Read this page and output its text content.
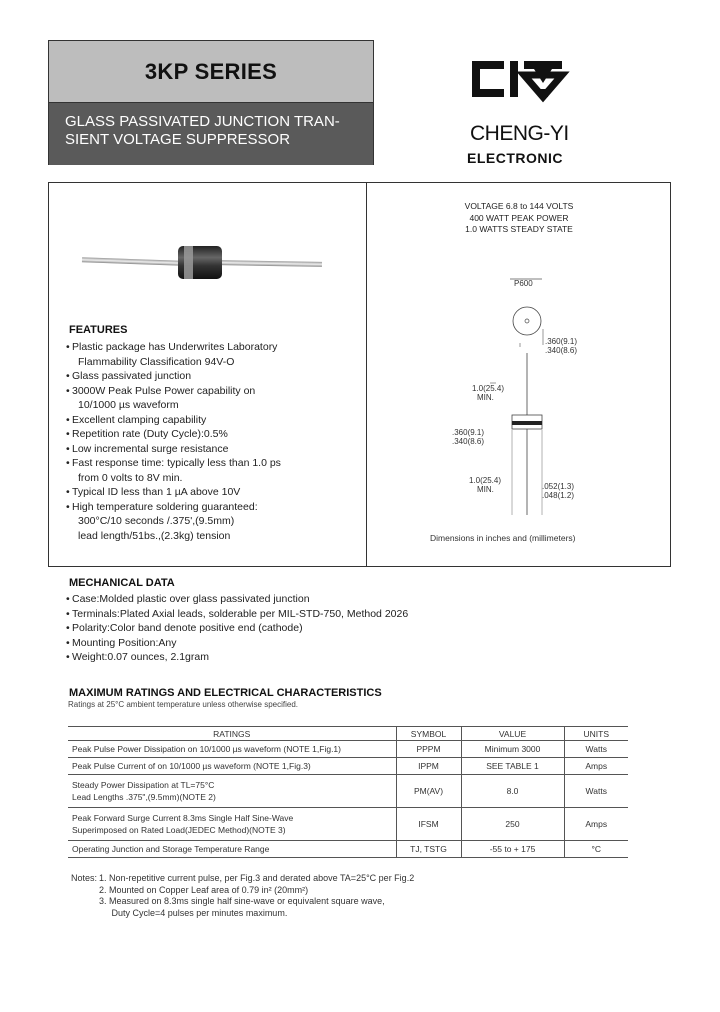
3KP SERIES
GLASS PASSIVATED JUNCTION TRAN-
SIENT VOLTAGE SUPPRESSOR	CHENG-YI
ELECTRONIC
VOLTAGE 6.8 to 144 VOLTS
400 WATT PEAK POWER
1.0 WATTS STEADY STATE
P600
.360(9.1)
.340(8.6)
1.0(25.4)
MIN.
.360(9.1)
.340(8.6)
1.0(25.4)
MIN.	.052(1.3)
.048(1.2)
Dimensions in inches and (millimeters)
FEATURES
• Plastic package has Underwrites Laboratory
Flammability Classification 94V-O
• Glass passivated junction
• 3000W Peak Pulse Power capability on
10/1000 µs waveform
• Excellent clamping capability
• Repetition rate (Duty Cycle):0.5%
• Low incremental surge resistance
• Fast response time: typically less than 1.0 ps
from 0 volts to 8V min.
• Typical ID less than 1 µA above 10V
• High temperature soldering guaranteed:
300°C/10 seconds /.375',(9.5mm)
lead length/51bs.,(2.3kg) tension
MECHANICAL DATA
• Case:Molded plastic over glass passivated junction
• Terminals:Plated Axial leads, solderable per MIL-STD-750, Method 2026
• Polarity:Color band denote positive end (cathode)
• Mounting Position:Any
• Weight:0.07 ounces, 2.1gram
MAXIMUM RATINGS AND ELECTRICAL CHARACTERISTICS
Ratings at 25°C ambient temperature unless otherwise specified.
RATINGS	SYMBOL	VALUE	UNITS
Peak Pulse Power Dissipation on 10/1000 µs waveform (NOTE 1,Fig.1)	PPPM	Minimum 3000	Watts
Peak Pulse Current of on 10/1000 µs waveform (NOTE 1,Fig.3)	IPPM	SEE TABLE 1	Amps

Steady Power Dissipation at TL=75°C
Lead Lengths .375",(9.5mm)(NOTE 2)	PM(AV)	8.0	Watts

Peak Forward Surge Current 8.3ms Single Half Sine-Wave
Superimposed on Rated Load(JEDEC Method)(NOTE 3)	IFSM	250	Amps
Operating Junction and Storage Temperature Range	TJ, TSTG	-55 to + 175	°C
Notes: 1. Non-repetitive current pulse, per Fig.3 and derated above TA=25°C per Fig.2
2. Mounted on Copper Leaf area of 0.79 in² (20mm²)
3. Measured on 8.3ms single half sine-wave or equivalent square wave,
Duty Cycle=4 pulses per minutes maximum.
